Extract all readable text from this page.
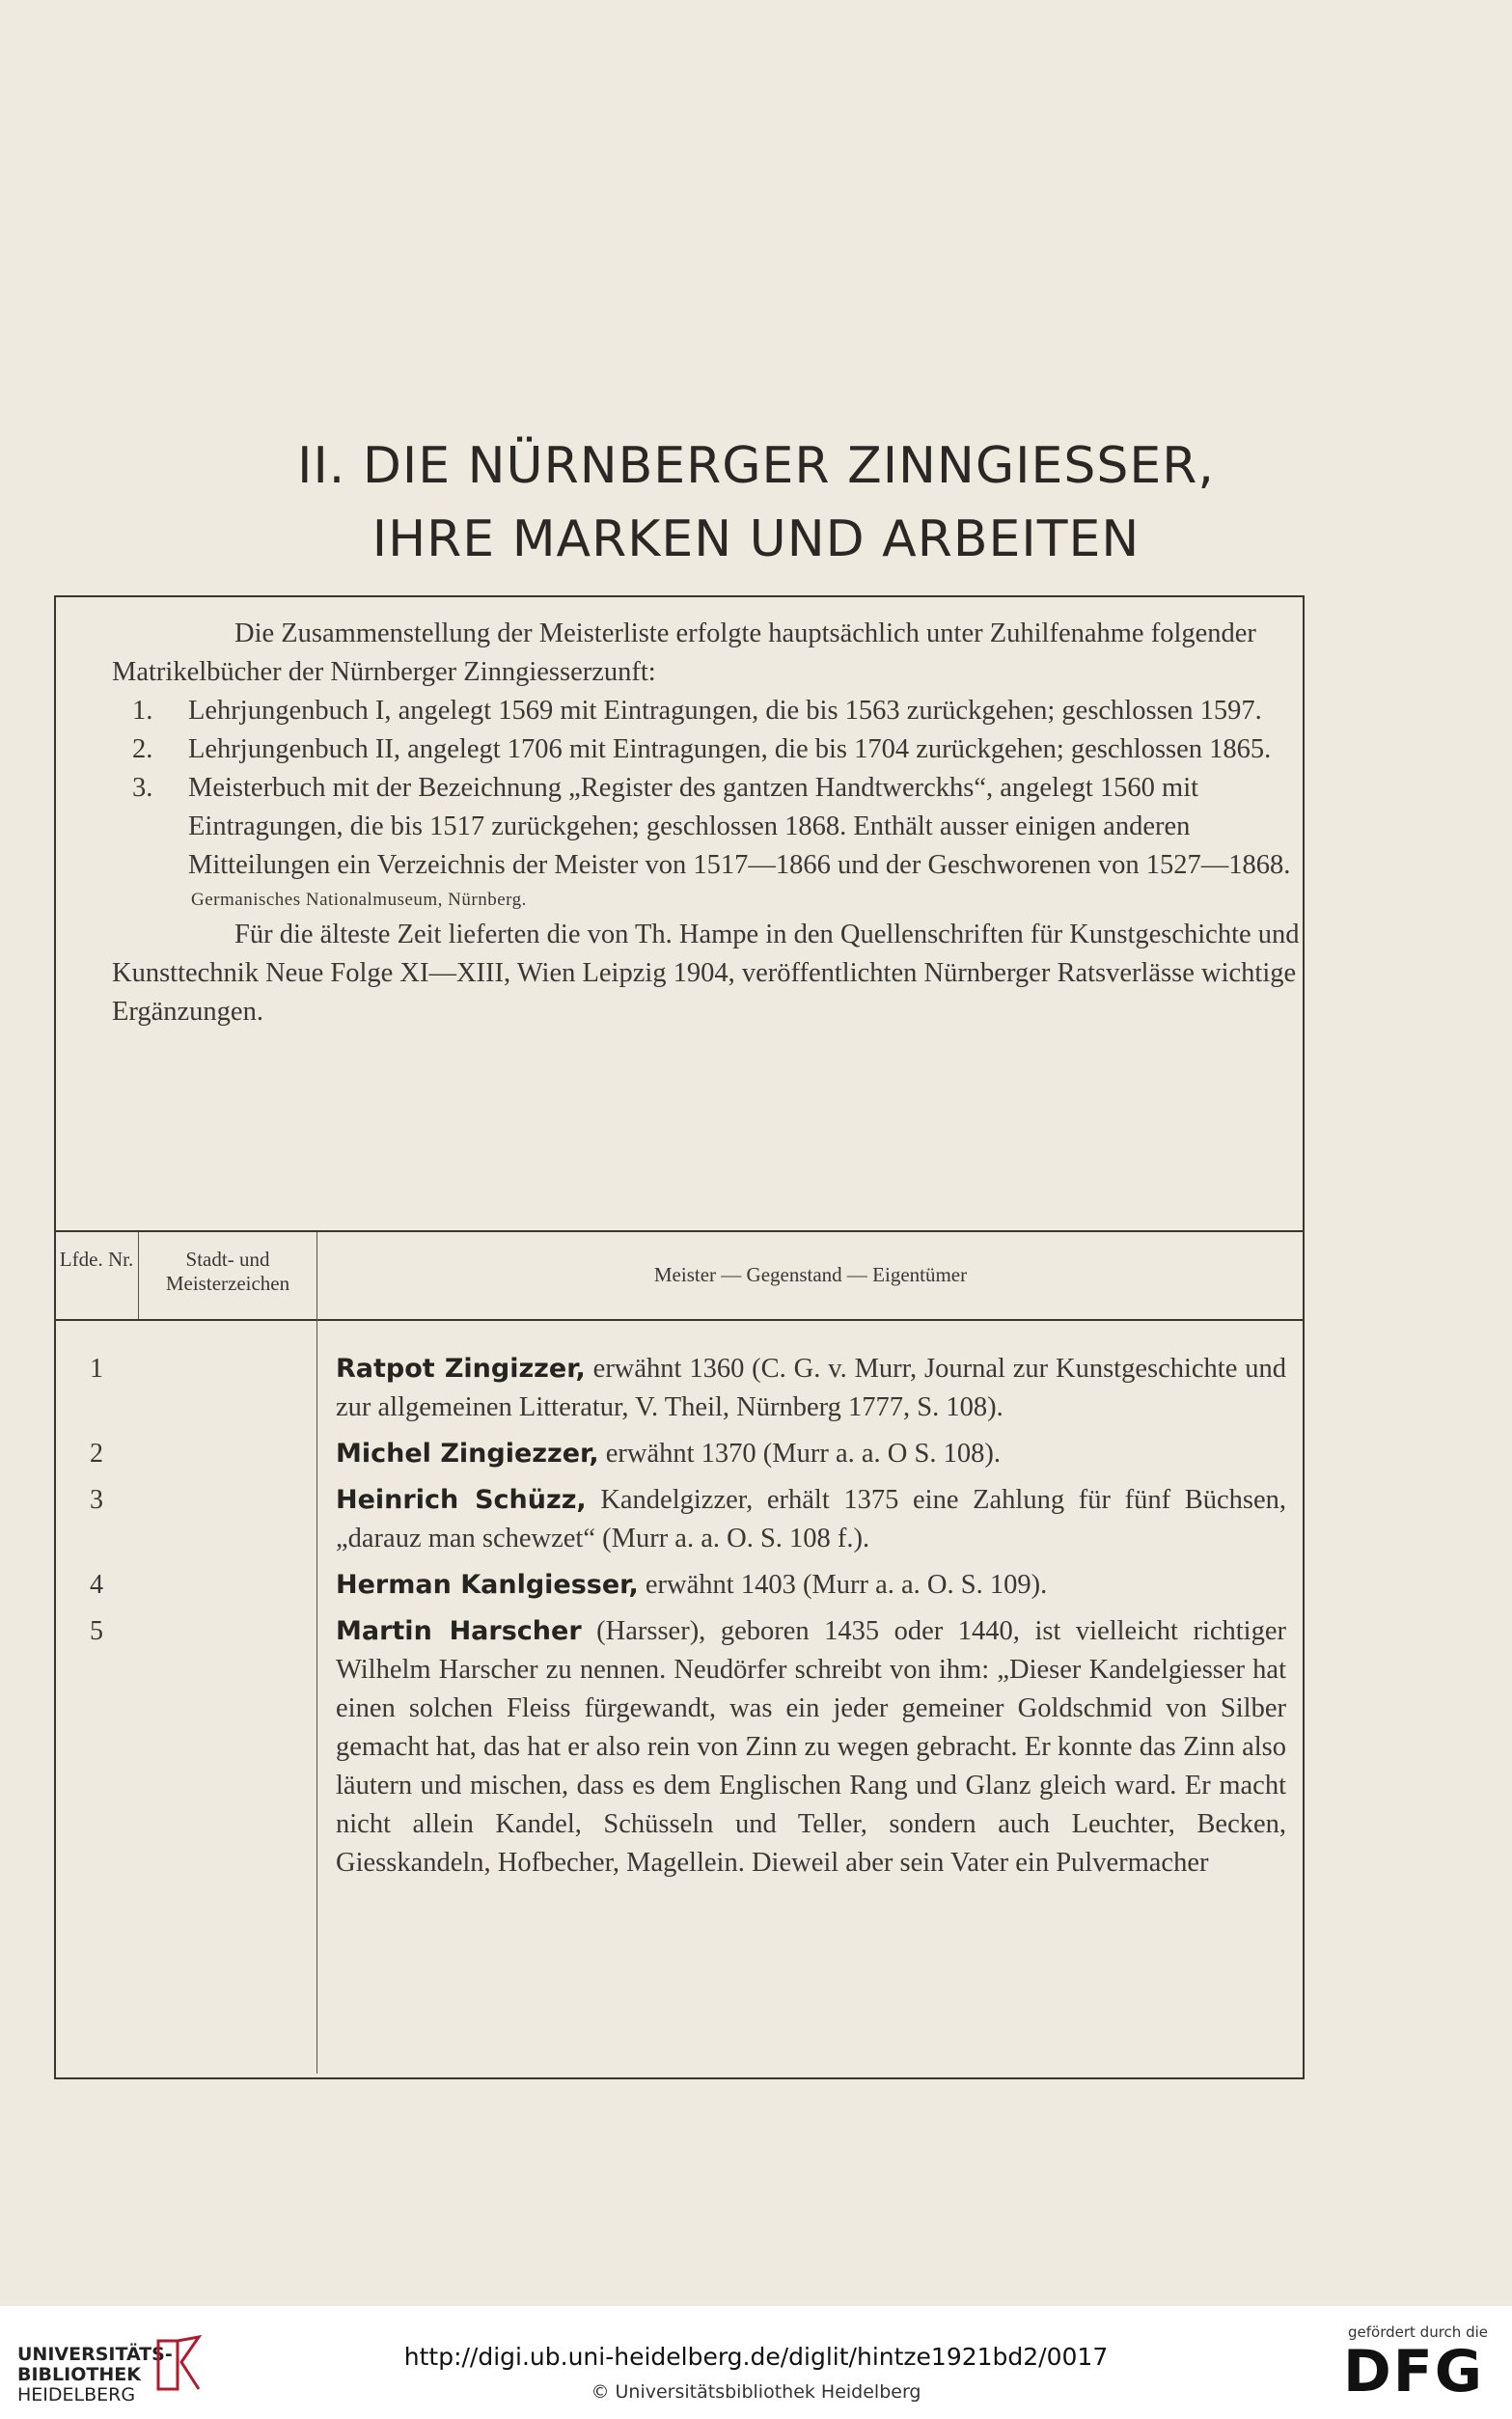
II. DIE NÜRNBERGER ZINNGIESSER,
IHRE MARKEN UND ARBEITEN

Die Zusammenstellung der Meisterliste erfolgte hauptsächlich unter Zuhilfenahme folgender Matrikelbücher der Nürnberger Zinngiesserzunft:

1. Lehrjungenbuch I, angelegt 1569 mit Eintragungen, die bis 1563 zurückgehen; geschlossen 1597.

2. Lehrjungenbuch II, angelegt 1706 mit Eintragungen, die bis 1704 zurückgehen; geschlossen 1865.

3. Meisterbuch mit der Bezeichnung „Register des gantzen Handtwerckhs“, angelegt 1560 mit Eintragungen, die bis 1517 zurückgehen; geschlossen 1868. Enthält ausser einigen anderen Mitteilungen ein Verzeichnis der Meister von 1517—1866 und der Geschworenen von 1527—1868.

Germanisches Nationalmuseum, Nürnberg.

Für die älteste Zeit lieferten die von Th. Hampe in den Quellenschriften für Kunstgeschichte und Kunsttechnik Neue Folge XI—XIII, Wien Leipzig 1904, veröffentlichten Nürnberger Ratsverlässe wichtige Ergänzungen.

Lfde. Nr.	Stadt- und Meisterzeichen	Meister — Gegenstand — Eigentümer
1	Ratpot Zingizzer, erwähnt 1360 (C. G. v. Murr, Journal zur Kunstgeschichte und zur allgemeinen Litteratur, V. Theil, Nürnberg 1777, S. 108).
2	Michel Zingiezzer, erwähnt 1370 (Murr a. a. O S. 108).
3	Heinrich Schüzz, Kandelgizzer, erhält 1375 eine Zahlung für fünf Büchsen, „darauz man schewzet“ (Murr a. a. O. S. 108 f.).
4	Herman Kanlgiesser, erwähnt 1403 (Murr a. a. O. S. 109).
5	Martin Harscher (Harsser), geboren 1435 oder 1440, ist vielleicht richtiger Wilhelm Harscher zu nennen. Neudörfer schreibt von ihm: „Dieser Kandelgiesser hat einen solchen Fleiss fürgewandt, was ein jeder gemeiner Goldschmid von Silber gemacht hat, das hat er also rein von Zinn zu wegen gebracht. Er konnte das Zinn also läutern und mischen, dass es dem Englischen Rang und Glanz gleich ward. Er macht nicht allein Kandel, Schüsseln und Teller, sondern auch Leuchter, Becken, Giesskandeln, Hofbecher, Magellein. Dieweil aber sein Vater ein Pulvermacher
UNIVERSITÄTS-
BIBLIOTHEK
HEIDELBERG
http://digi.ub.uni-heidelberg.de/diglit/hintze1921bd2/0017
© Universitätsbibliothek Heidelberg
gefördert durch die
DFG
